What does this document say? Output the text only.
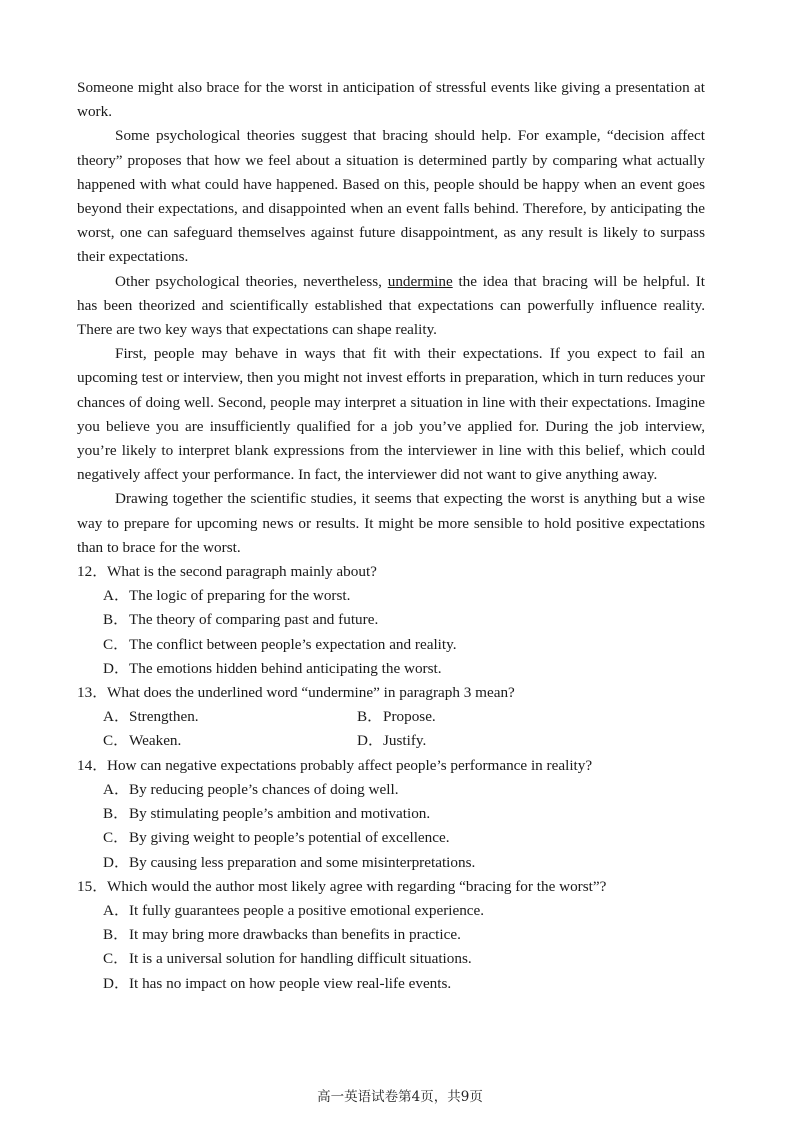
Someone might also brace for the worst in anticipation of stressful events like giving a presentation at work.

Some psychological theories suggest that bracing should help. For example, “decision affect theory” proposes that how we feel about a situation is determined partly by comparing what actually happened with what could have happened. Based on this, people should be happy when an event goes beyond their expectations, and disappointed when an event falls behind. Therefore, by anticipating the worst, one can safeguard themselves against future disappointment, as any result is likely to surpass their expectations.

Other psychological theories, nevertheless, undermine the idea that bracing will be helpful. It has been theorized and scientifically established that expectations can powerfully influence reality. There are two key ways that expectations can shape reality.

First, people may behave in ways that fit with their expectations. If you expect to fail an upcoming test or interview, then you might not invest efforts in preparation, which in turn reduces your chances of doing well. Second, people may interpret a situation in line with their expectations. Imagine you believe you are insufficiently qualified for a job you’ve applied for. During the job interview, you’re likely to interpret blank expressions from the interviewer in line with this belief, which could negatively affect your performance. In fact, the interviewer did not want to give anything away.

Drawing together the scientific studies, it seems that expecting the worst is anything but a wise way to prepare for upcoming news or results. It might be more sensible to hold positive expectations than to brace for the worst.

12．What is the second paragraph mainly about?
A．The logic of preparing for the worst.
B．The theory of comparing past and future.
C．The conflict between people’s expectation and reality.
D．The emotions hidden behind anticipating the worst.
13．What does the underlined word “undermine” in paragraph 3 mean?
A．Strengthen.	B．Propose.
C．Weaken.	D．Justify.
14．How can negative expectations probably affect people’s performance in reality?
A．By reducing people’s chances of doing well.
B．By stimulating people’s ambition and motivation.
C．By giving weight to people’s potential of excellence.
D．By causing less preparation and some misinterpretations.
15．Which would the author most likely agree with regarding “bracing for the worst”?
A．It fully guarantees people a positive emotional experience.
B．It may bring more drawbacks than benefits in practice.
C．It is a universal solution for handling difficult situations.
D．It has no impact on how people view real-life events.
高一英语试卷第4页，共9页
